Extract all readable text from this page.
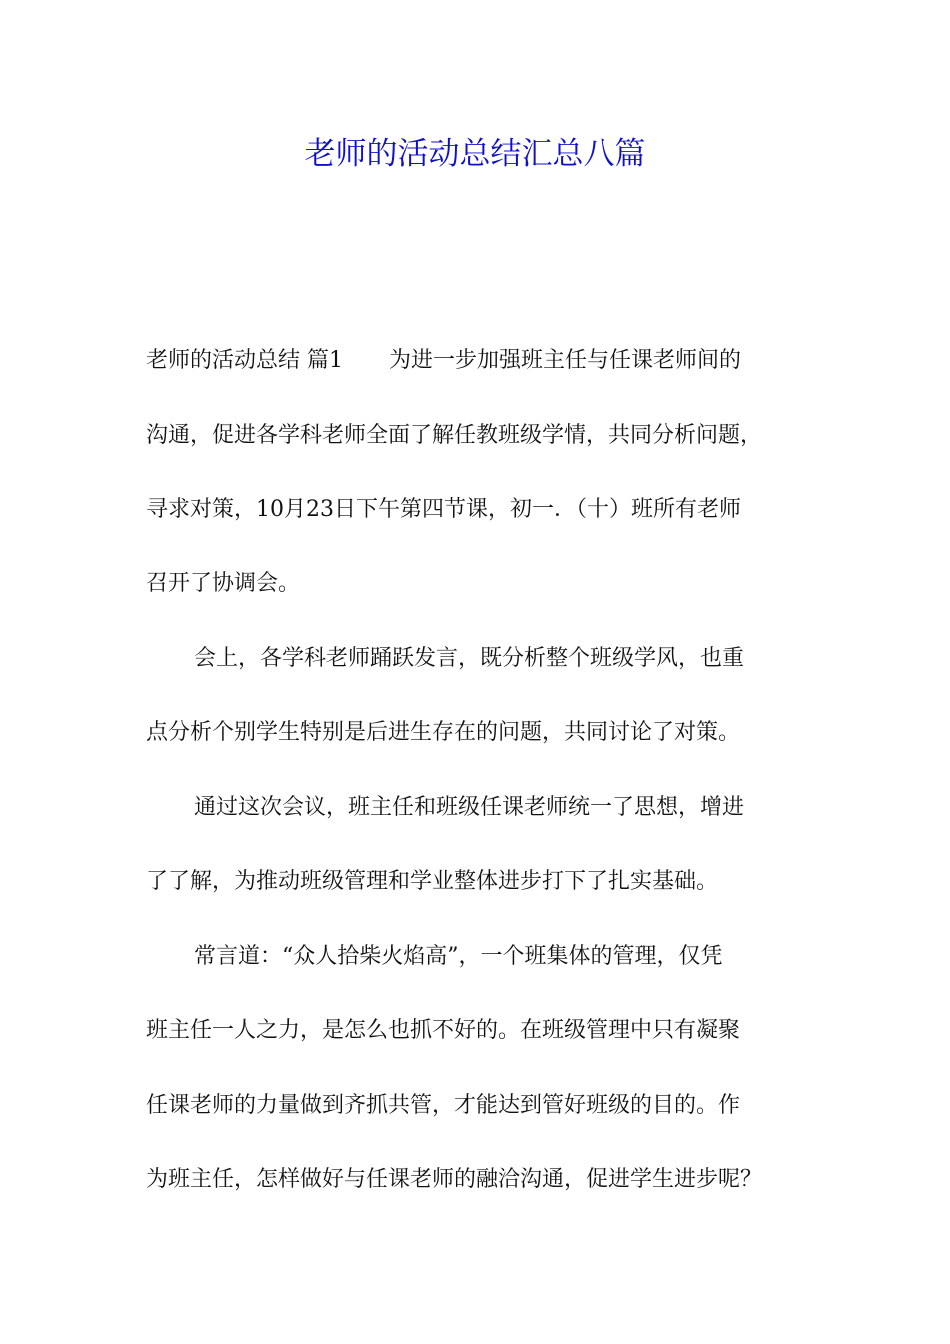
老师的活动总结汇总八篇

老师的活动总结 篇1 为进一步加强班主任与任课老师间的

沟通，促进各学科老师全面了解任教班级学情，共同分析问题，

寻求对策，10月23日下午第四节课，初一．（十）班所有老师

召开了协调会。

会上，各学科老师踊跃发言，既分析整个班级学风，也重

点分析个别学生特别是后进生存在的问题，共同讨论了对策。

通过这次会议，班主任和班级任课老师统一了思想，增进

了了解，为推动班级管理和学业整体进步打下了扎实基础。

常言道：“众人拾柴火焰高”，一个班集体的管理，仅凭

班主任一人之力，是怎么也抓不好的。在班级管理中只有凝聚

任课老师的力量做到齐抓共管，才能达到管好班级的目的。作

为班主任，怎样做好与任课老师的融洽沟通，促进学生进步呢？
